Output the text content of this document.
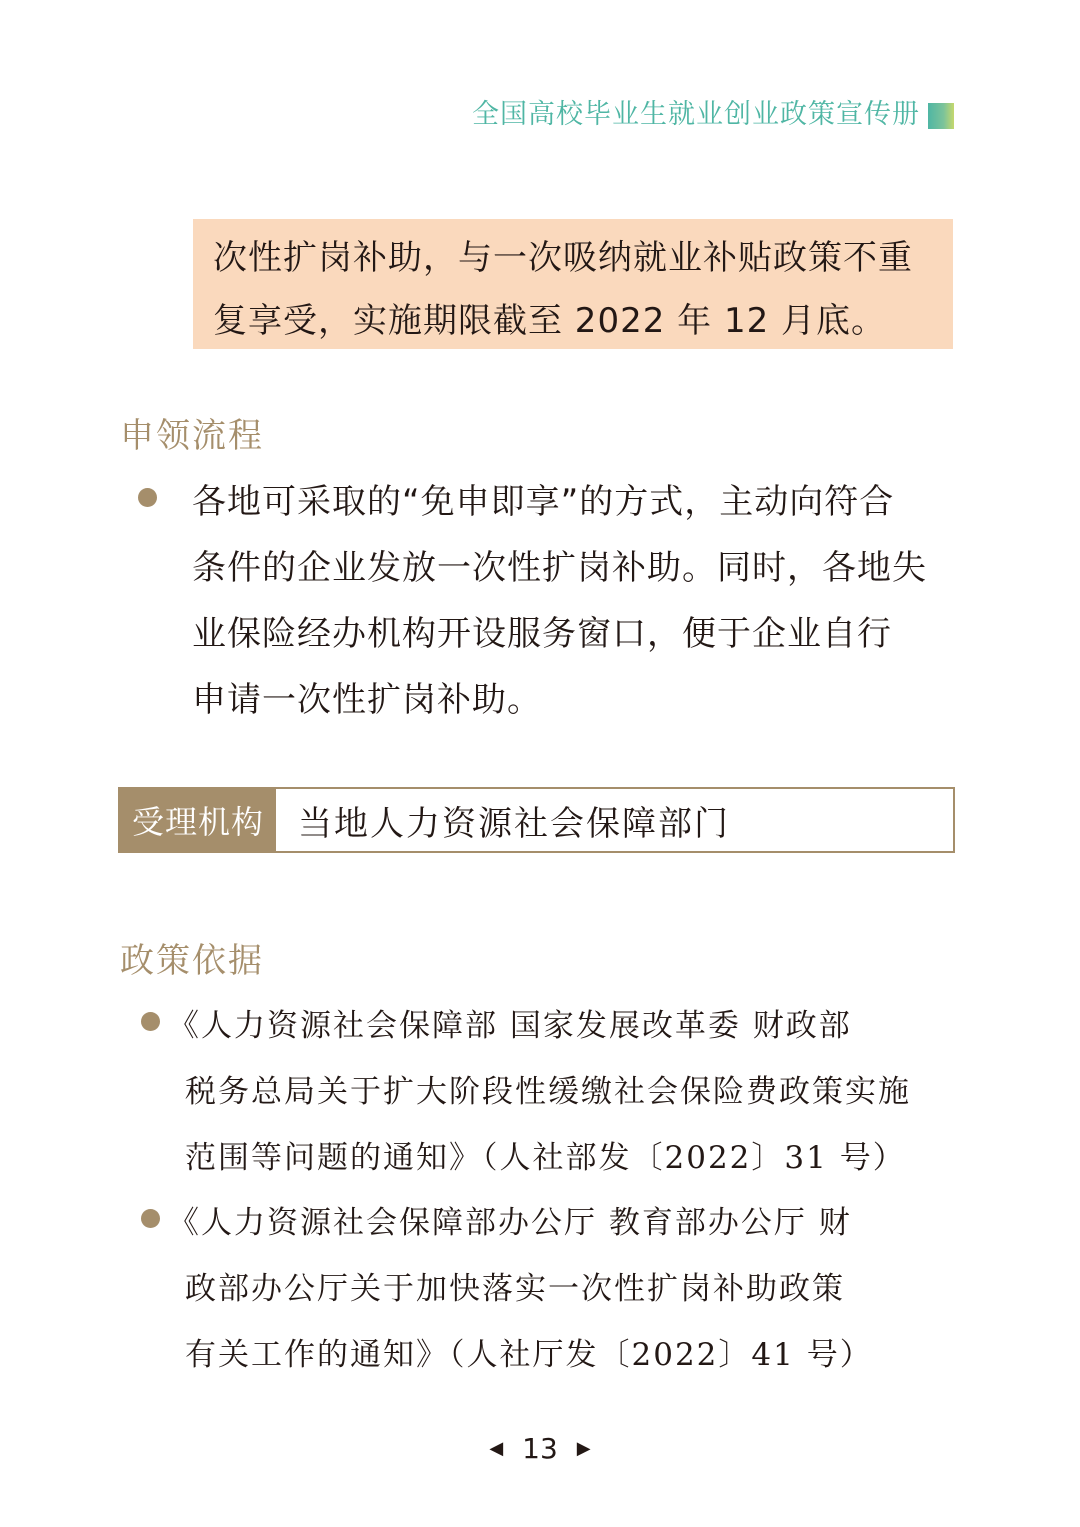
全国高校毕业生就业创业政策宣传册

次性扩岗补助，与一次吸纳就业补贴政策不重

复享受，实施期限截至 2022 年 12 月底。

申领流程

各地可采取的“免申即享”的方式，主动向符合

条件的企业发放一次性扩岗补助。同时，各地失

业保险经办机构开设服务窗口，便于企业自行

申请一次性扩岗补助。

受理机构	当地人力资源社会保障部门
政策依据

《人力资源社会保障部 国家发展改革委 财政部

税务总局关于扩大阶段性缓缴社会保险费政策实施

范围等问题的通知》（人社部发〔2022〕31 号）

《人力资源社会保障部办公厅 教育部办公厅 财

政部办公厅关于加快落实一次性扩岗补助政策

有关工作的通知》（人社厅发〔2022〕41 号）

◀ 13 ▶
